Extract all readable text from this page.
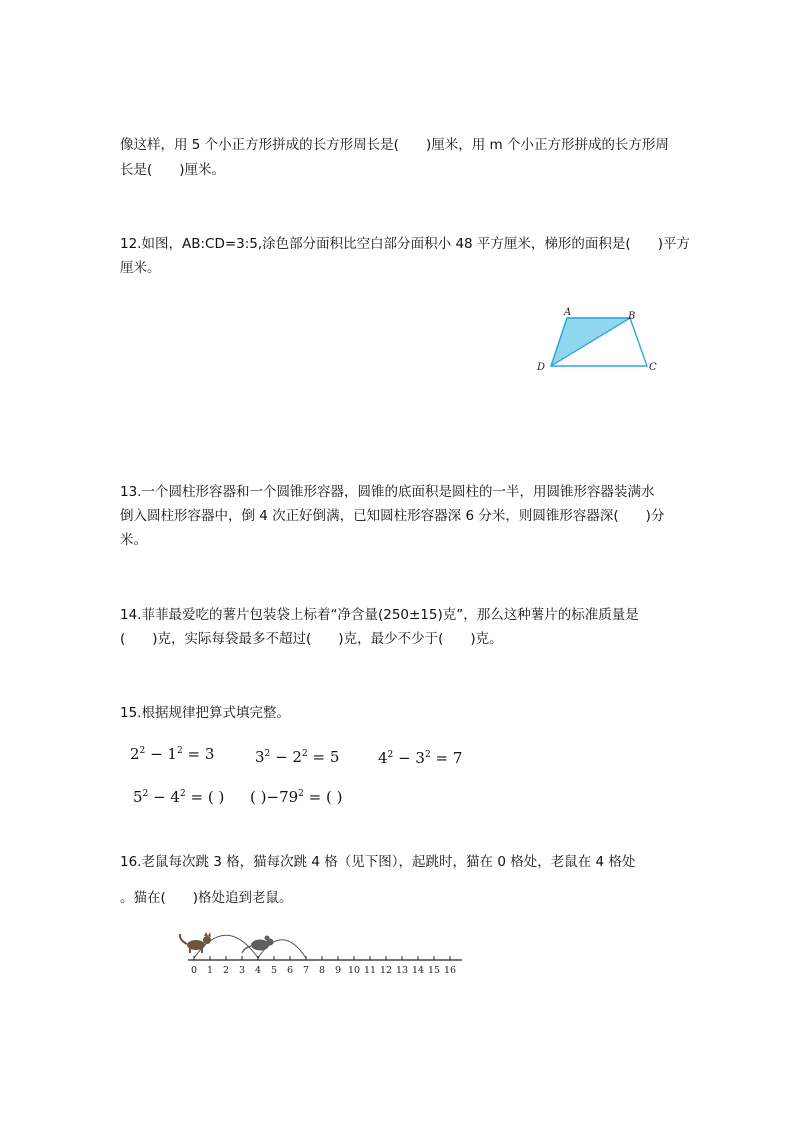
像这样，用 5 个小正方形拼成的长方形周长是(　　)厘米，用 m 个小正方形拼成的长方形周
长是(　　)厘米。
12.如图，AB:CD=3:5,涂色部分面积比空白部分面积小 48 平方厘米，梯形的面积是(　　)平方
厘米。
A	B
C
D
13.一个圆柱形容器和一个圆锥形容器，圆锥的底面积是圆柱的一半，用圆锥形容器装满水
倒入圆柱形容器中，倒 4 次正好倒满，已知圆柱形容器深 6 分米，则圆锥形容器深(　　)分
米。
14.菲菲最爱吃的薯片包装袋上标着“净含量(250±15)克”，那么这种薯片的标准质量是
(　　)克，实际每袋最多不超过(　　)克，最少不少于(　　)克。
15.根据规律把算式填完整。
$2^2 - 1^2 = 3$	$3^2 - 2^2 = 5$	$4^2 - 3^2 = 7$
$5^2 - 4^2$ = ( ) ( )$-79^2$ = ( )
16.老鼠每次跳 3 格，猫每次跳 4 格（见下图），起跳时，猫在 0 格处，老鼠在 4 格处
。猫在(　　)格处追到老鼠。
0 1 2 3 4 5 6 7 8 9 10 11 12 13 14 15 16
